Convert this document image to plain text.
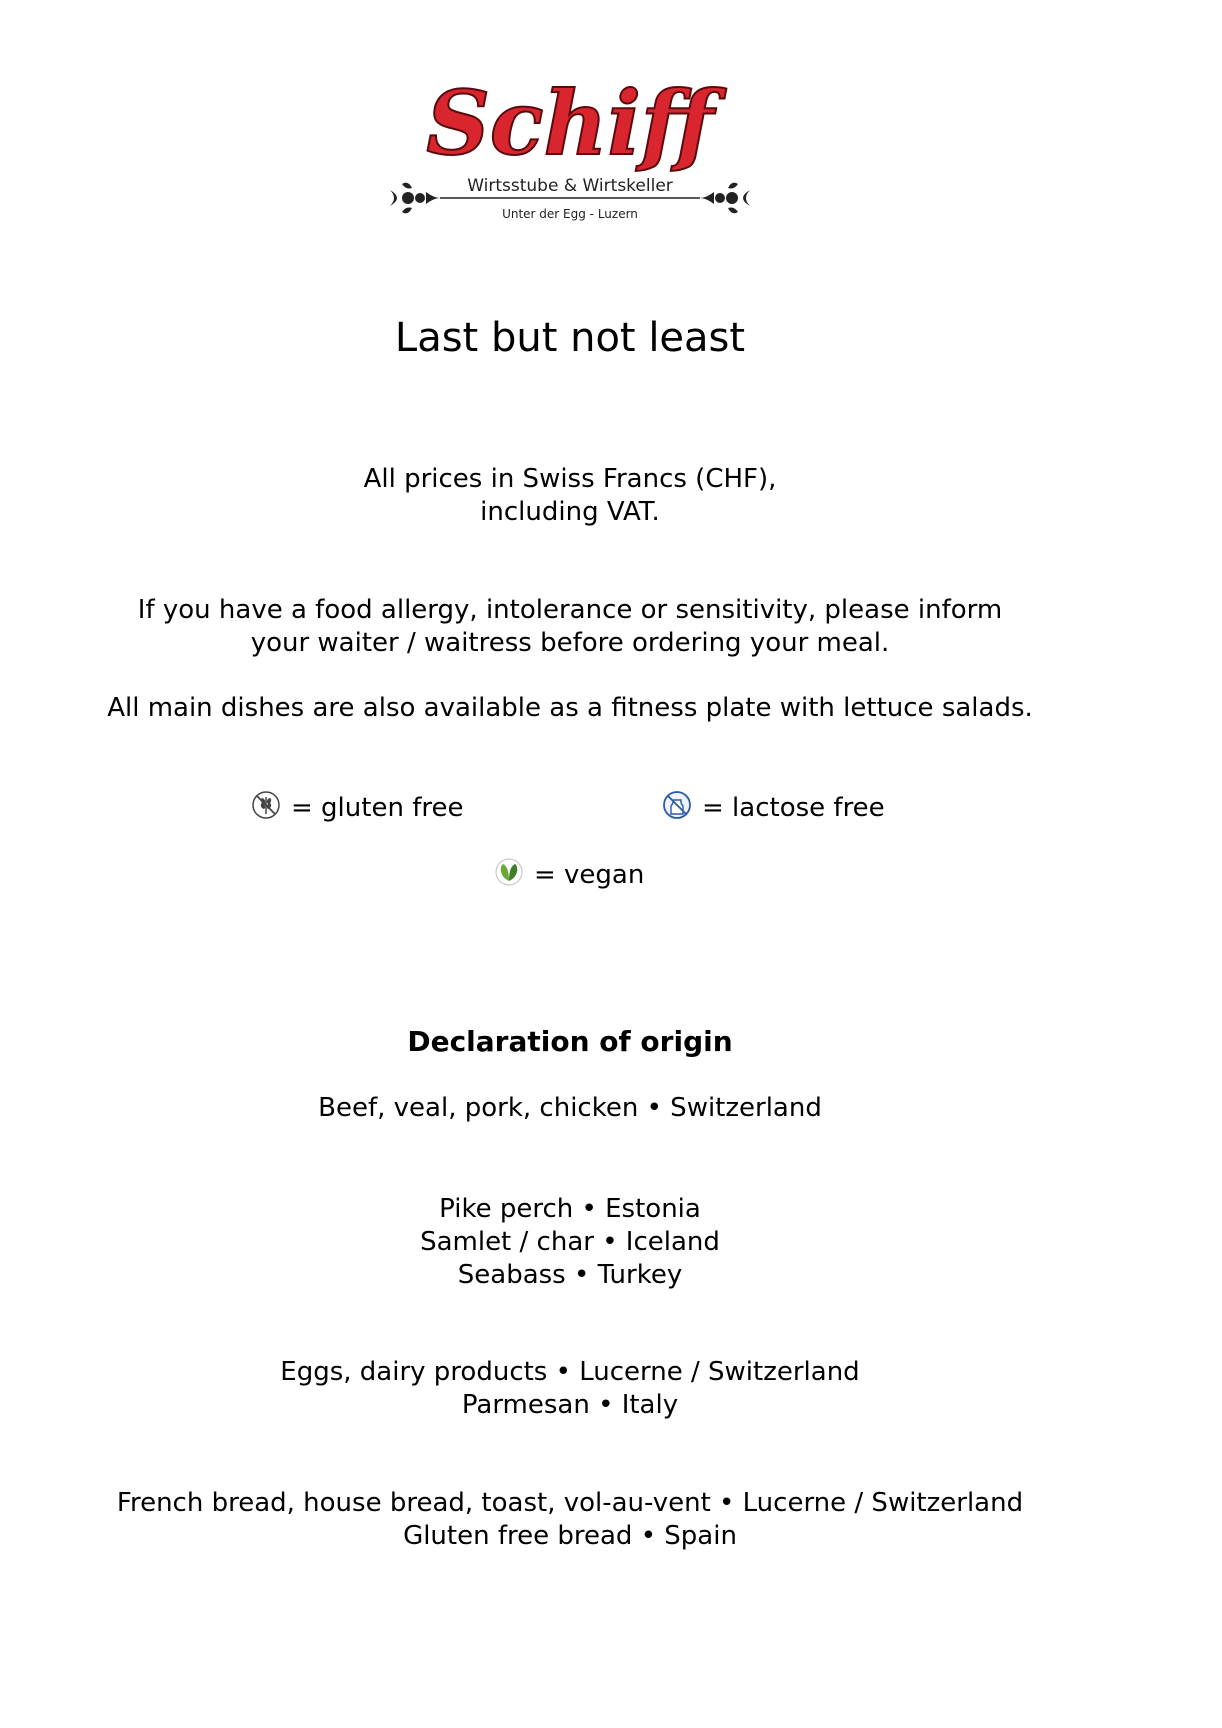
Schiff
Wirtsstube & Wirtskeller
Unter der Egg - Luzern
Last but not least
All prices in Swiss Francs (CHF),
including VAT.
If you have a food allergy, intolerance or sensitivity, please inform
your waiter / waitress before ordering your meal.
All main dishes are also available as a fitness plate with lettuce salads.
= gluten free	= lactose free
= vegan
Declaration of origin
Beef, veal, pork, chicken • Switzerland
Pike perch • Estonia
Samlet / char • Iceland
Seabass • Turkey
Eggs, dairy products • Lucerne / Switzerland
Parmesan • Italy
French bread, house bread, toast, vol-au-vent • Lucerne / Switzerland
Gluten free bread • Spain
